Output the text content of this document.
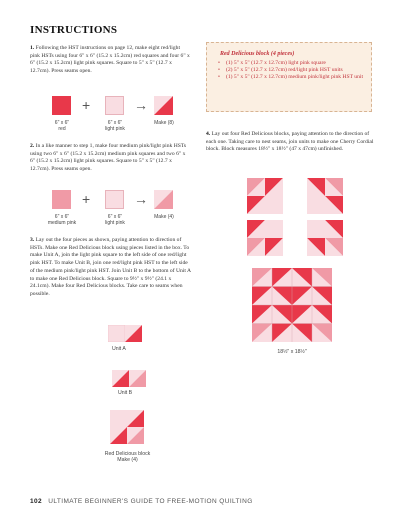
INSTRUCTIONS
1. Following the HST instructions on page 12, make eight red/light pink HSTs using four 6" x 6" (15.2 x 15.2cm) red squares and four 6" x 6" (15.2 x 15.2cm) light pink squares. Square to 5" x 5" (12.7 x 12.7cm). Press seams open.
+	→
6" x 6"
red
6" x 6"
light pink
Make (8)
2. In a like manner to step 1, make four medium pink/light pink HSTs using two 6" x 6" (15.2 x 15.2cm) medium pink squares and two 6" x 6" (15.2 x 15.2cm) light pink squares. Square to 5" x 5" (12.7 x 12.7cm). Press seams open.
+	→
6" x 6"
medium pink
6" x 6"
light pink
Make (4)
3. Lay out the four pieces as shown, paying attention to direction of HSTs. Make one Red Delicious block using pieces listed in the box. To make Unit A, join the light pink square to the left side of one red/light pink HST. To make Unit B, join one red/light pink HST to the left side of the medium pink/light pink HST. Join Unit B to the bottom of Unit A to make one Red Delicious block. Square to 9½" x 9½" (24.1 x 24.1cm). Make four Red Delicious blocks. Take care to seams when possible.
Unit A
Unit B
Red Delicious block
Make (4)
Red Delicious block (4 pieces)
• (1) 5" x 5" (12.7 x 12.7cm) light pink square
• (2) 5" x 5" (12.7 x 12.7cm) red/light pink HST units
• (1) 5" x 5" (12.7 x 12.7cm) medium pink/light pink HST unit
4. Lay out four Red Delicious blocks, paying attention to the direction of each one. Taking care to nest seams, join units to make one Cherry Cordial block. Block measures 18½" x 18½" (47 x 47cm) unfinished.
18½" x 18½"
102 ULTIMATE BEGINNER'S GUIDE TO FREE-MOTION QUILTING
